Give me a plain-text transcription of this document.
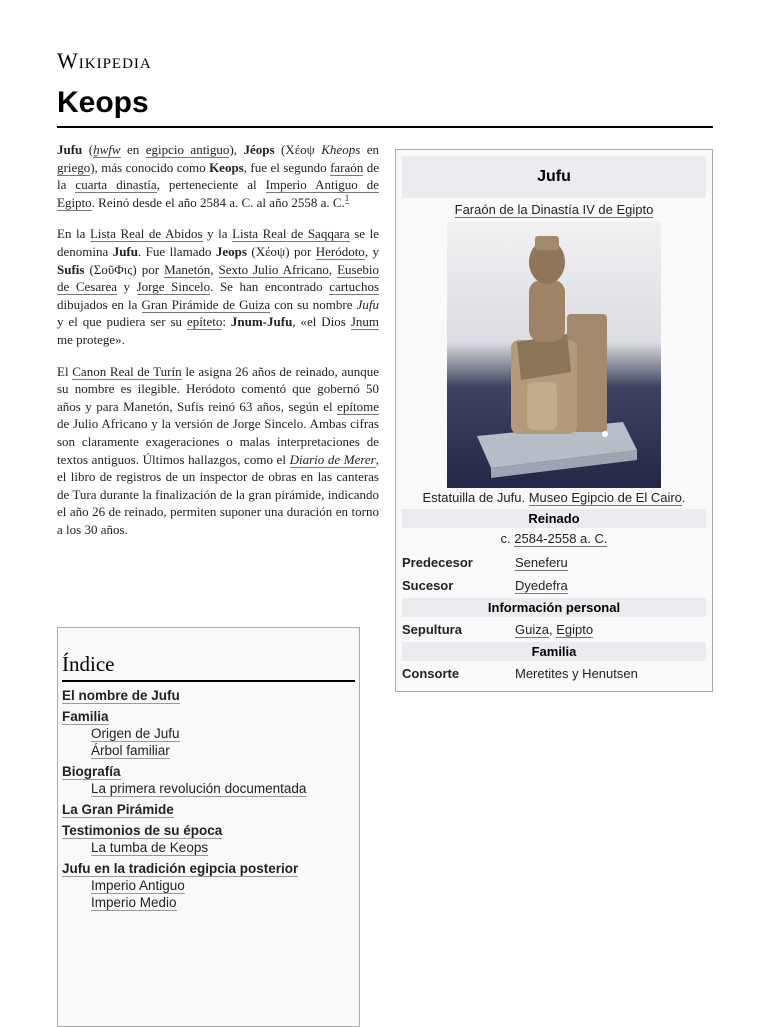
Wikipedia
Keops

Jufu (ḫwfw en egipcio antiguo), Jéops (Χέοψ Kheops en griego), más conocido como Keops, fue el segundo faraón de la cuarta dinastía, perteneciente al Imperio Antiguo de Egipto. Reinó desde el año 2584 a. C. al año 2558 a. C.$^1$

En la Lista Real de Abidos y la Lista Real de Saqqara se le denomina Jufu. Fue llamado Jeops (Χέοψ) por Heródoto, y Sufis (ΣοῦΦις) por Manetón, Sexto Julio Africano, Eusebio de Cesarea y Jorge Sincelo. Se han encontrado cartuchos dibujados en la Gran Pirámide de Guiza con su nombre Jufu y el que pudiera ser su epíteto: Jnum-Jufu, «el Dios Jnum me protege».

El Canon Real de Turín le asigna 26 años de reinado, aunque su nombre es ilegible. Heródoto comentó que gobernó 50 años y para Manetón, Sufis reinó 63 años, según el epítome de Julio Africano y la versión de Jorge Sincelo. Ambas cifras son claramente exageraciones o malas interpretaciones de textos antiguos. Últimos hallazgos, como el Diario de Merer, el libro de registros de un inspector de obras en las canteras de Tura durante la finalización de la gran pirámide, indicando el año 26 de reinado, permiten suponer una duración en torno a los 30 años.

Índice
El nombre de Jufu
Familia
Origen de Jufu
Árbol familiar
Biografía
La primera revolución documentada
La Gran Pirámide
Testimonios de su época
La tumba de Keops
Jufu en la tradición egipcia posterior
Imperio Antiguo
Imperio Medio
Jufu
Faraón de la Dinastía IV de Egipto
Estatuilla de Jufu. Museo Egipcio de El Cairo.
Reinado
c. 2584-2558 a. C.
Predecesor	Seneferu
Sucesor	Dyedefra
Información personal
Sepultura	Guiza, Egipto
Familia
Consorte	Meretites y Henutsen
